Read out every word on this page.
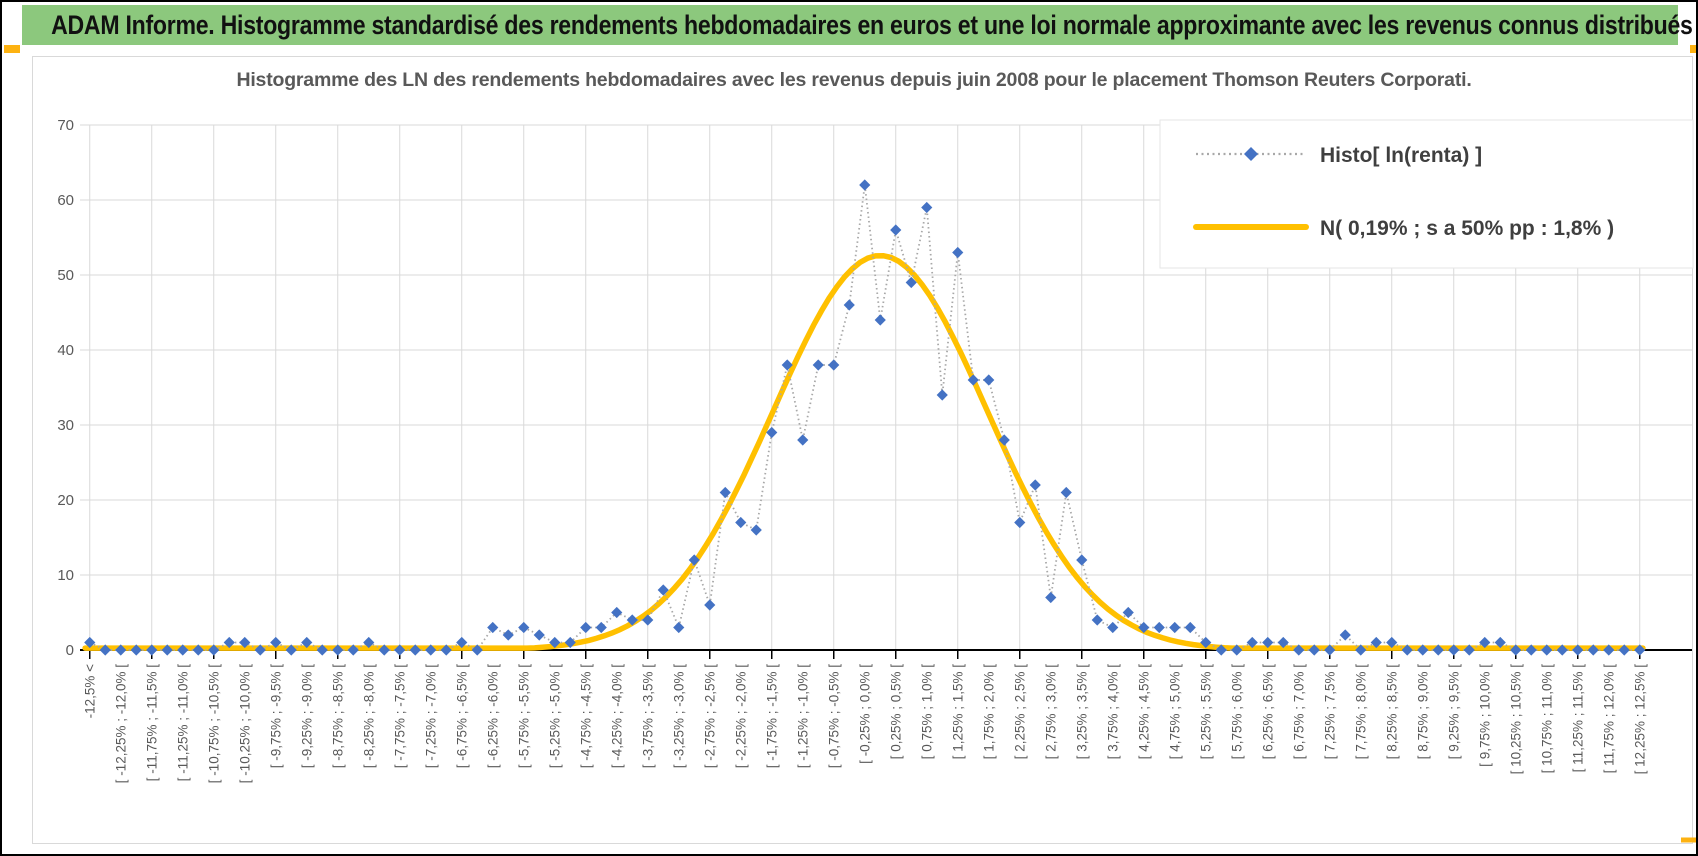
ADAM Informe. Histogramme standardisé des rendements hebdomadaires en euros et une loi normale approximante avec les revenus connus distribués
Histogramme des LN des rendements hebdomadaires avec les revenus depuis juin 2008 pour le placement Thomson Reuters Corporati.
0
10
20
30
40
50
60
70
-12,5% < [ -12,25% ; -12,0% [ [ -11,75% ; -11,5% [ [ -11,25% ; -11,0% [ [ -10,75% ; -10,5% [ [ -10,25% ; -10,0% [ [ -9,75% ; -9,5% [ [ -9,25% ; -9,0% [ [ -8,75% ; -8,5% [ [ -8,25% ; -8,0% [ [ -7,75% ; -7,5% [ [ -7,25% ; -7,0% [ [ -6,75% ; -6,5% [ [ -6,25% ; -6,0% [ [ -5,75% ; -5,5% [ [ -5,25% ; -5,0% [ [ -4,75% ; -4,5% [ [ -4,25% ; -4,0% [ [ -3,75% ; -3,5% [ [ -3,25% ; -3,0% [ [ -2,75% ; -2,5% [ [ -2,25% ; -2,0% [ [ -1,75% ; -1,5% [ [ -1,25% ; -1,0% [ [ -0,75% ; -0,5% [ [ -0,25% ; 0,0% [ [ 0,25% ; 0,5% [ [ 0,75% ; 1,0% [ [ 1,25% ; 1,5% [ [ 1,75% ; 2,0% [ [ 2,25% ; 2,5% [ [ 2,75% ; 3,0% [ [ 3,25% ; 3,5% [ [ 3,75% ; 4,0% [ [ 4,25% ; 4,5% [ [ 4,75% ; 5,0% [ [ 5,25% ; 5,5% [ [ 5,75% ; 6,0% [ [ 6,25% ; 6,5% [ [ 6,75% ; 7,0% [ [ 7,25% ; 7,5% [ [ 7,75% ; 8,0% [ [ 8,25% ; 8,5% [ [ 8,75% ; 9,0% [ [ 9,25% ; 9,5% [ [ 9,75% ; 10,0% [ [ 10,25% ; 10,5% [ [ 10,75% ; 11,0% [ [ 11,25% ; 11,5% [ [ 11,75% ; 12,0% [ [ 12,25% ; 12,5% [
Histo[ ln(renta) ]
N( 0,19% ; s a 50% pp : 1,8% )
